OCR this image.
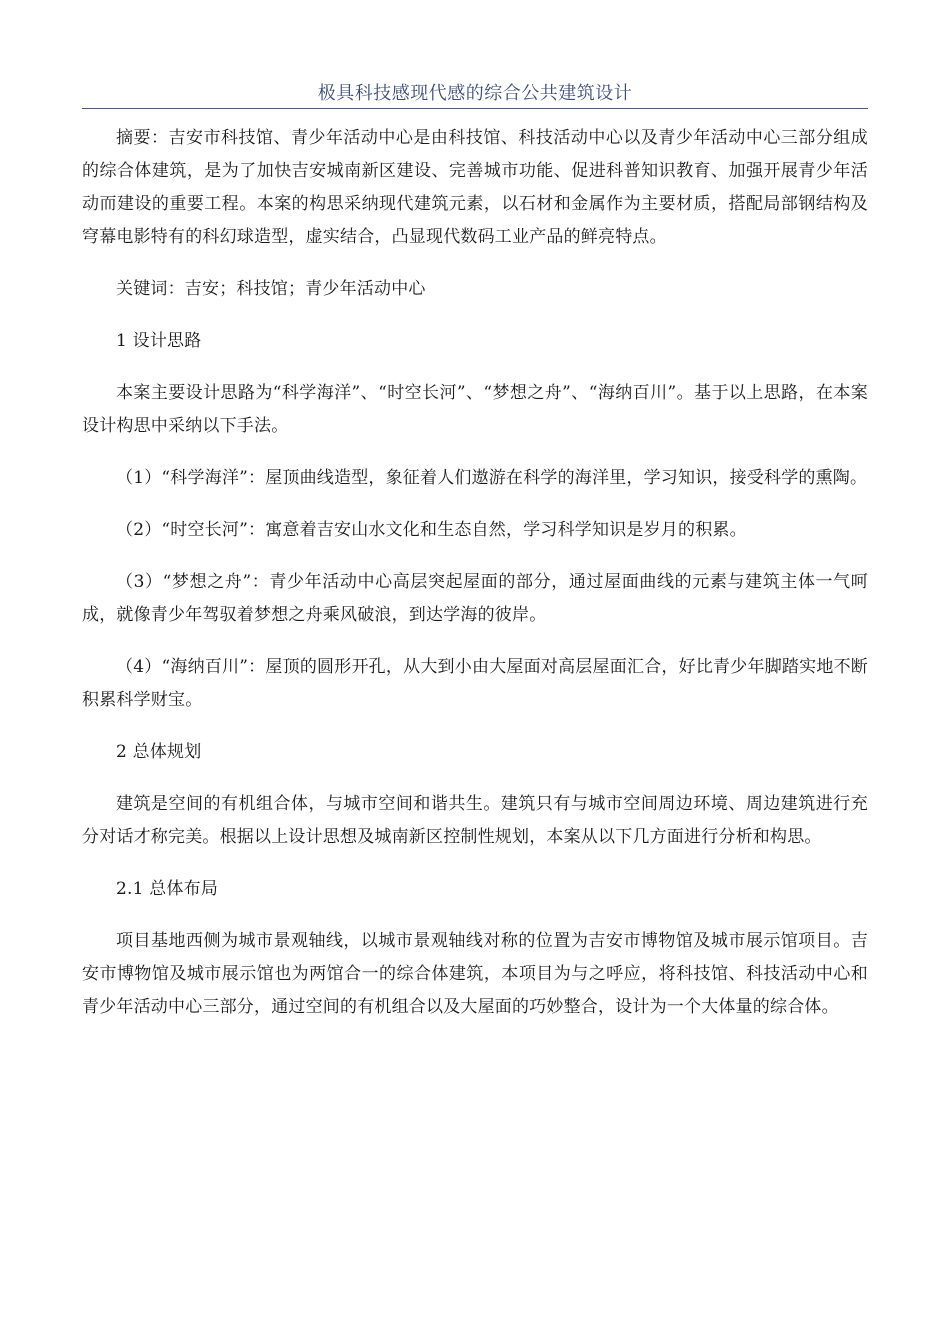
极具科技感现代感的综合公共建筑设计

摘要：吉安市科技馆、青少年活动中心是由科技馆、科技活动中心以及青少年活动中心三部分组成的综合体建筑，是为了加快吉安城南新区建设、完善城市功能、促进科普知识教育、加强开展青少年活动而建设的重要工程。本案的构思采纳现代建筑元素，以石材和金属作为主要材质，搭配局部钢结构及穹幕电影特有的科幻球造型，虚实结合，凸显现代数码工业产品的鲜亮特点。

关键词：吉安；科技馆；青少年活动中心

1 设计思路

本案主要设计思路为“科学海洋”、“时空长河”、“梦想之舟”、“海纳百川”。基于以上思路，在本案设计构思中采纳以下手法。

（1）“科学海洋”：屋顶曲线造型，象征着人们遨游在科学的海洋里，学习知识，接受科学的熏陶。

（2）“时空长河”：寓意着吉安山水文化和生态自然，学习科学知识是岁月的积累。

（3）“梦想之舟”：青少年活动中心高层突起屋面的部分，通过屋面曲线的元素与建筑主体一气呵成，就像青少年驾驭着梦想之舟乘风破浪，到达学海的彼岸。

（4）“海纳百川”：屋顶的圆形开孔，从大到小由大屋面对高层屋面汇合，好比青少年脚踏实地不断积累科学财宝。

2 总体规划

建筑是空间的有机组合体，与城市空间和谐共生。建筑只有与城市空间周边环境、周边建筑进行充分对话才称完美。根据以上设计思想及城南新区控制性规划，本案从以下几方面进行分析和构思。

2.1 总体布局

项目基地西侧为城市景观轴线，以城市景观轴线对称的位置为吉安市博物馆及城市展示馆项目。吉安市博物馆及城市展示馆也为两馆合一的综合体建筑，本项目为与之呼应，将科技馆、科技活动中心和青少年活动中心三部分，通过空间的有机组合以及大屋面的巧妙整合，设计为一个大体量的综合体。
